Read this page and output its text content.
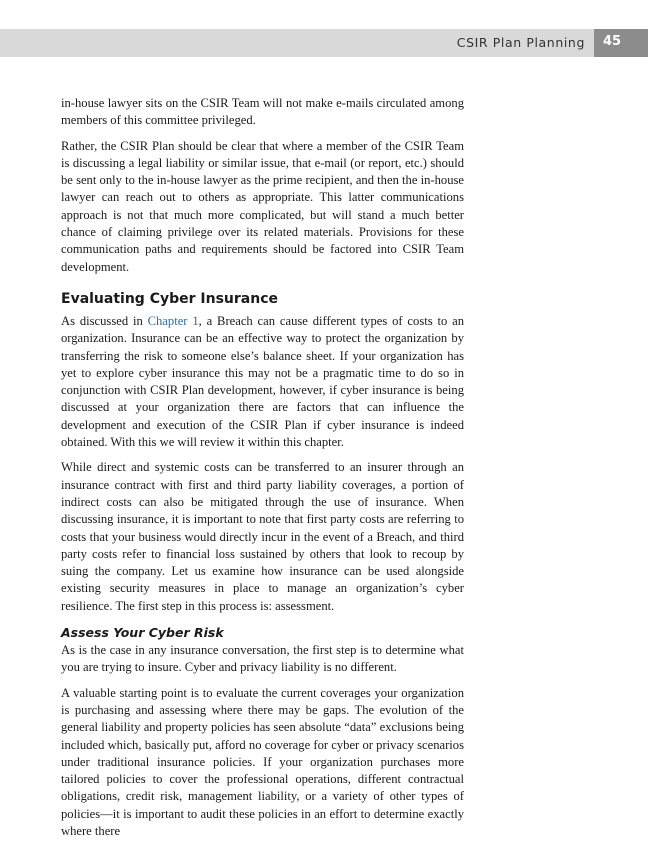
CSIR Plan Planning 45

in-house lawyer sits on the CSIR Team will not make e-mails circulated among members of this committee privileged.

Rather, the CSIR Plan should be clear that where a member of the CSIR Team is discussing a legal liability or similar issue, that e-mail (or report, etc.) should be sent only to the in-house lawyer as the prime recipient, and then the in-house lawyer can reach out to others as appropriate. This latter communications approach is not that much more complicated, but will stand a much better chance of claiming privilege over its related materials. Provisions for these communication paths and requirements should be factored into CSIR Team development.

Evaluating Cyber Insurance

As discussed in Chapter 1, a Breach can cause different types of costs to an organization. Insurance can be an effective way to protect the organization by transferring the risk to someone else’s balance sheet. If your organization has yet to explore cyber insurance this may not be a pragmatic time to do so in conjunction with CSIR Plan development, however, if cyber insurance is being discussed at your organization there are factors that can influence the development and execution of the CSIR Plan if cyber insurance is indeed obtained. With this we will review it within this chapter.

While direct and systemic costs can be transferred to an insurer through an insurance contract with first and third party liability coverages, a portion of indirect costs can also be mitigated through the use of insurance. When discussing insurance, it is important to note that first party costs are referring to costs that your business would directly incur in the event of a Breach, and third party costs refer to financial loss sustained by others that look to recoup by suing the company. Let us examine how insurance can be used alongside existing security measures in place to manage an organization’s cyber resilience. The first step in this process is: assessment.

Assess Your Cyber Risk

As is the case in any insurance conversation, the first step is to determine what you are trying to insure. Cyber and privacy liability is no different.

A valuable starting point is to evaluate the current coverages your organization is purchasing and assessing where there may be gaps. The evolution of the general liability and property policies has seen absolute “data” exclusions being included which, basically put, afford no coverage for cyber or privacy scenarios under traditional insurance policies. If your organization purchases more tailored policies to cover the professional operations, different contractual obligations, credit risk, management liability, or a variety of other types of policies—it is important to audit these policies in an effort to determine exactly where there
